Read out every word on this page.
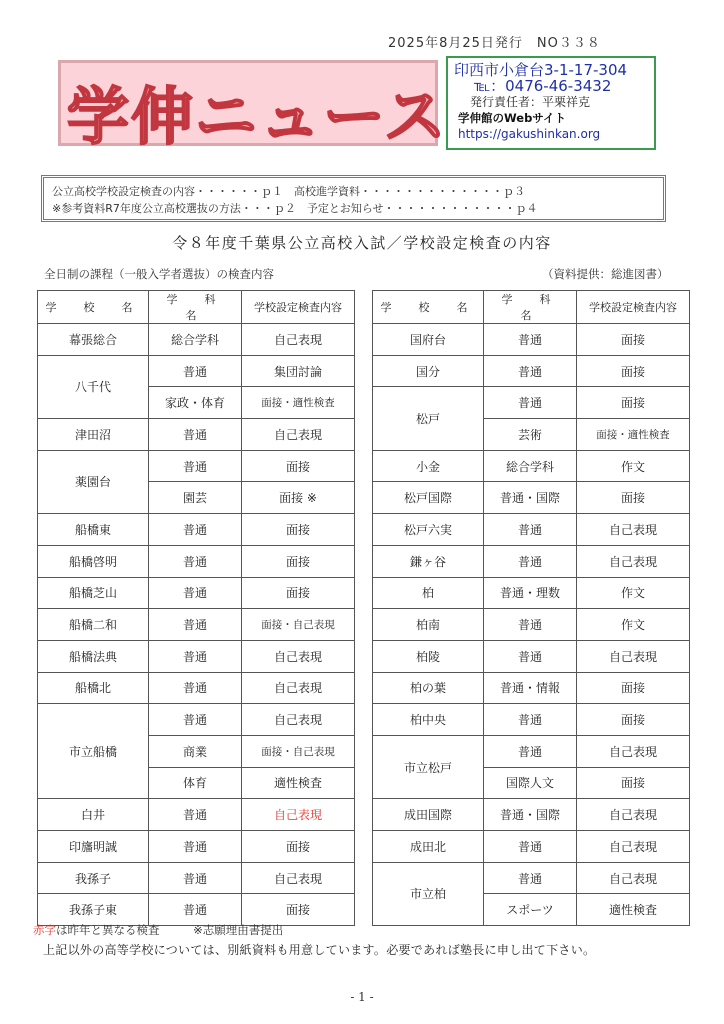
2025年8月25日発行　NO３３８
学伸ニュース
印西市小倉台3-1-17-304
℡：0476‐46‐3432
発行責任者：平栗祥克
学伸館のWebサイト
https://gakushinkan.org
公立高校学校設定検査の内容・・・・・・ｐ１　高校進学資料・・・・・・・・・・・・・ｐ３
※参考資料R7年度公立高校選抜の方法・・・ｐ２　予定とお知らせ・・・・・・・・・・・・ｐ４
令８年度千葉県公立高校入試／学校設定検査の内容
全日制の課程（一般入学者選抜）の検査内容	（資料提供：総進図書）
学　校　名	学　科　名	学校設定検査内容
幕張総合	総合学科	自己表現
八千代	普通	集団討論
	家政・体育	面接・適性検査
津田沼	普通	自己表現
薬園台	普通	面接
	園芸	面接 ※
船橋東	普通	面接
船橋啓明	普通	面接
船橋芝山	普通	面接
船橋二和	普通	面接・自己表現
船橋法典	普通	自己表現
船橋北	普通	自己表現
市立船橋	普通	自己表現
	商業	面接・自己表現
	体育	適性検査
白井	普通	自己表現
印旛明誠	普通	面接
我孫子	普通	自己表現
我孫子東	普通	面接
学　校　名	学　科　名	学校設定検査内容
国府台	普通	面接
国分	普通	面接
松戸	普通	面接
	芸術	面接・適性検査
小金	総合学科	作文
松戸国際	普通・国際	面接
松戸六実	普通	自己表現
鎌ヶ谷	普通	自己表現
柏	普通・理数	作文
柏南	普通	作文
柏陵	普通	自己表現
柏の葉	普通・情報	面接
柏中央	普通	面接
市立松戸	普通	自己表現
	国際人文	面接
成田国際	普通・国際	自己表現
成田北	普通	自己表現
市立柏	普通	自己表現
	スポーツ	適性検査
赤字は昨年と異なる検査	※志願理由書提出
上記以外の高等学校については、別紙資料も用意しています。必要であれば塾長に申し出て下さい。
- 1 -
